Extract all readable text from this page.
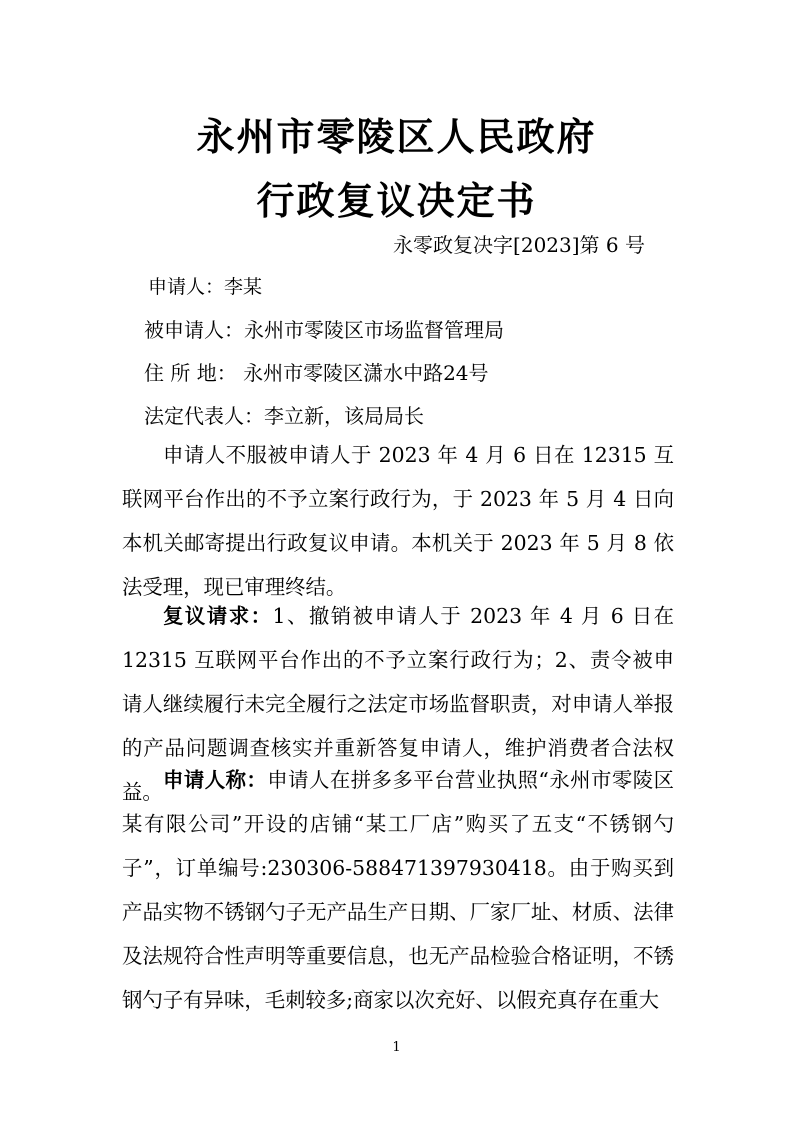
永州市零陵区人民政府
行政复议决定书
永零政复决字[2023]第 6 号
申请人：李某
被申请人：永州市零陵区市场监督管理局
住 所 地： 永州市零陵区潇水中路24号
法定代表人：李立新，该局局长

申请人不服被申请人于 2023 年 4 月 6 日在 12315 互联网平台作出的不予立案行政行为，于 2023 年 5 月 4 日向本机关邮寄提出行政复议申请。本机关于 2023 年 5 月 8 依法受理，现已审理终结。

复议请求：1、撤销被申请人于 2023 年 4 月 6 日在 12315 互联网平台作出的不予立案行政行为；2、责令被申请人继续履行未完全履行之法定市场监督职责，对申请人举报的产品问题调查核实并重新答复申请人，维护消费者合法权益。 申请人称：申请人在拼多多平台营业执照“永州市零陵区某有限公司”开设的店铺“某工厂店”购买了五支“不锈钢勺子”，订单编号:230306-588471397930418。由于购买到产品实物不锈钢勺子无产品生产日期、厂家厂址、材质、法律及法规符合性声明等重要信息，也无产品检验合格证明，不锈钢勺子有异味，毛刺较多;商家以次充好、以假充真存在重大

1
